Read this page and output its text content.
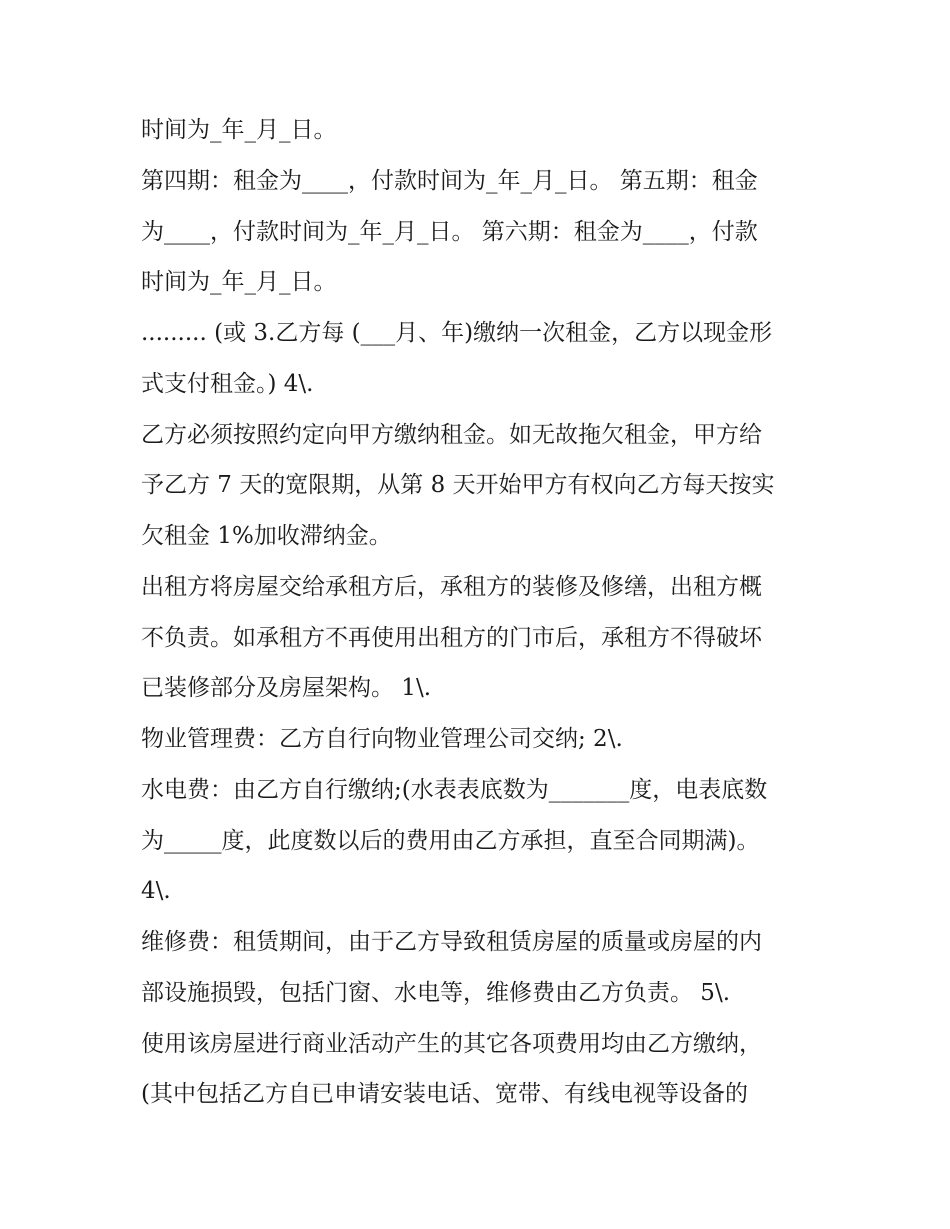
时间为_年_月_日。
第四期：租金为____，付款时间为_年_月_日。 第五期：租金
为____，付款时间为_年_月_日。 第六期：租金为____，付款
时间为_年_月_日。
......... (或 3.乙方每 (___月、年)缴纳一次租金，乙方以现金形
式支付租金。) 4\.
乙方必须按照约定向甲方缴纳租金。如无故拖欠租金，甲方给
予乙方 7 天的宽限期，从第 8 天开始甲方有权向乙方每天按实
欠租金 1%加收滞纳金。
出租方将房屋交给承租方后，承租方的装修及修缮，出租方概
不负责。如承租方不再使用出租方的门市后，承租方不得破坏
已装修部分及房屋架构。 1\.
物业管理费：乙方自行向物业管理公司交纳; 2\.
水电费：由乙方自行缴纳;(水表表底数为_______度，电表底数
为_____度，此度数以后的费用由乙方承担，直至合同期满)。
4\.
维修费：租赁期间，由于乙方导致租赁房屋的质量或房屋的内
部设施损毁，包括门窗、水电等，维修费由乙方负责。 5\.
使用该房屋进行商业活动产生的其它各项费用均由乙方缴纳，
(其中包括乙方自已申请安装电话、宽带、有线电视等设备的
